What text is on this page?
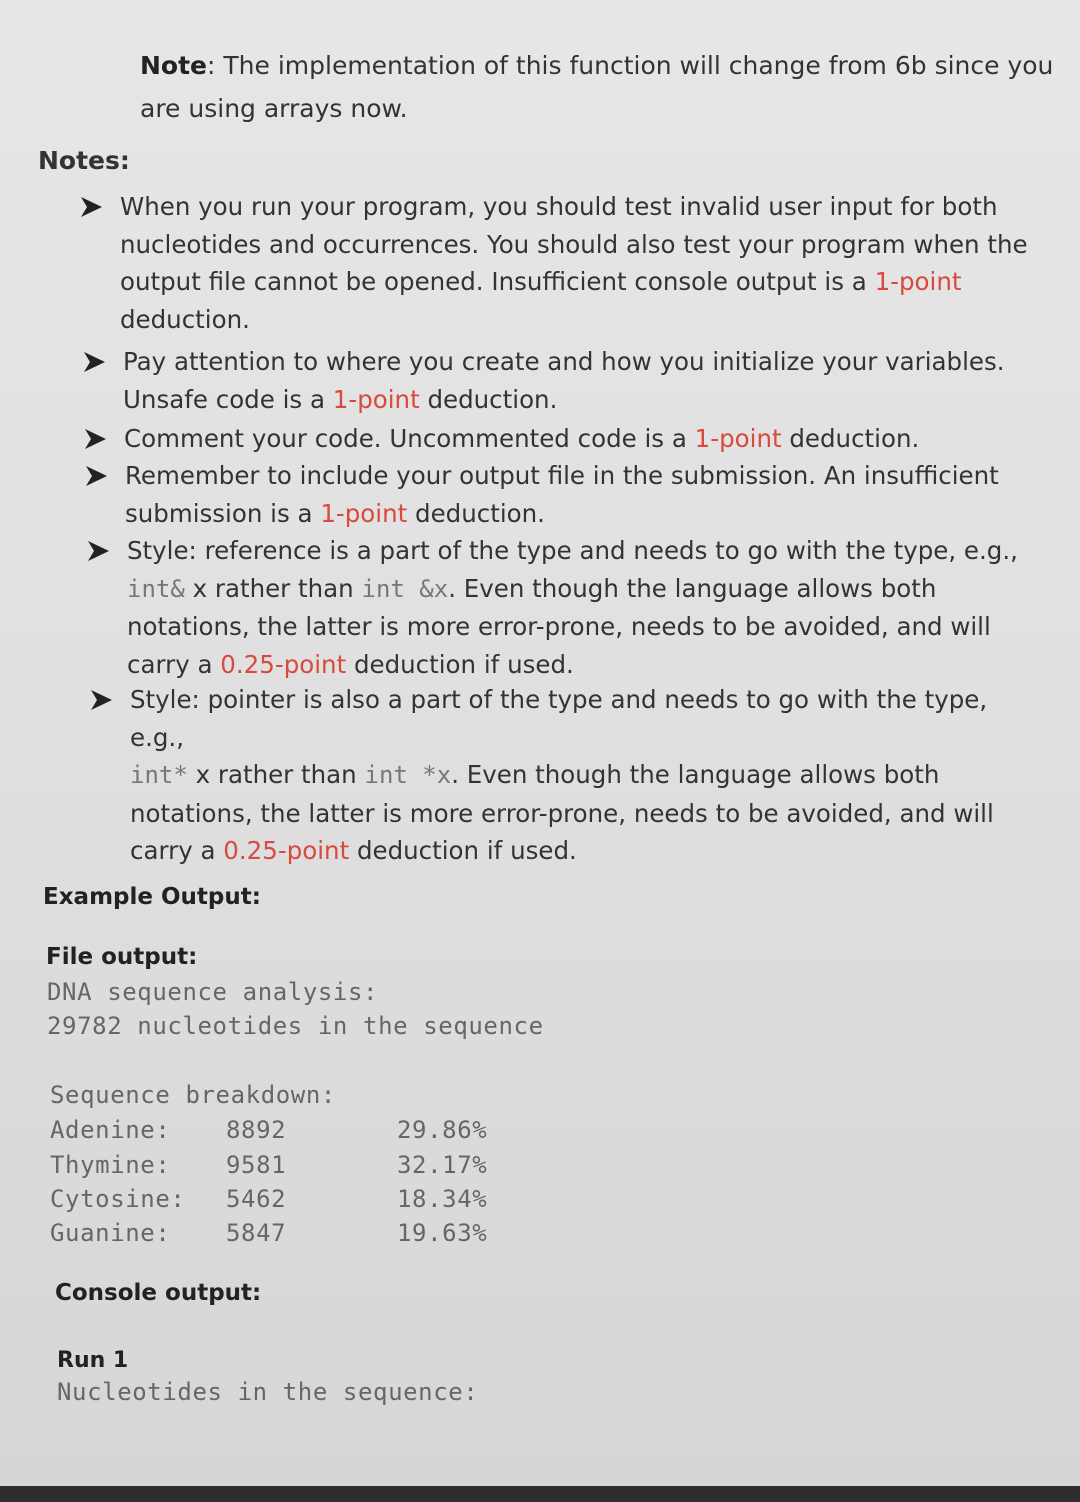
Note: The implementation of this function will change from 6b since you are using arrays now.
Notes:
When you run your program, you should test invalid user input for both nucleotides and occurrences. You should also test your program when the output file cannot be opened. Insufficient console output is a 1-point deduction.
Pay attention to where you create and how you initialize your variables. Unsafe code is a 1-point deduction.
Comment your code. Uncommented code is a 1-point deduction.
Remember to include your output file in the submission. An insufficient submission is a 1-point deduction.
Style: reference is a part of the type and needs to go with the type, e.g.,
int& x rather than int &x. Even though the language allows both notations, the latter is more error-prone, needs to be avoided, and will carry a 0.25-point deduction if used.
Style: pointer is also a part of the type and needs to go with the type, e.g.,
int* x rather than int *x. Even though the language allows both notations, the latter is more error-prone, needs to be avoided, and will carry a 0.25-point deduction if used.
Example Output:
File output:
DNA sequence analysis:
29782 nucleotides in the sequence
Sequence breakdown:
Adenine: 8892	29.86%
Thymine: 9581	32.17%
Cytosine: 5462	18.34%
Guanine: 5847	19.63%
Console output:
Run 1
Nucleotides in the sequence:
